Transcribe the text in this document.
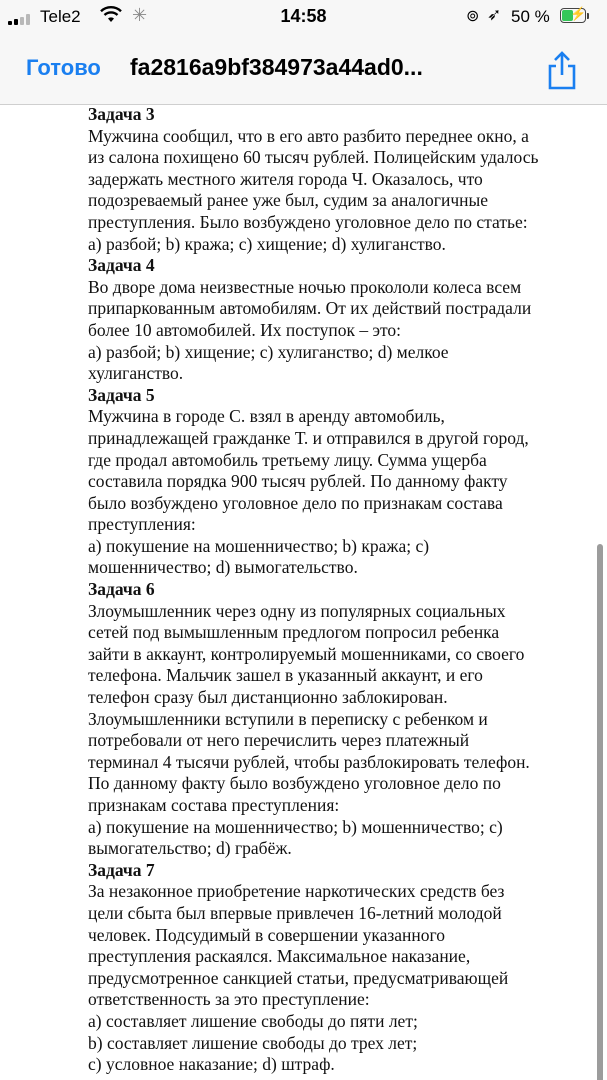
Tele2	✳	14:58	⊚ ➶ 50 % ⚡
Готово fa2816a9bf384973a44ad0...

Задача 3

Мужчина сообщил, что в его авто разбито переднее окно, а

из салона похищено 60 тысяч рублей. Полицейским удалось

задержать местного жителя города Ч. Оказалось, что

подозреваемый ранее уже был, судим за аналогичные

преступления. Было возбуждено уголовное дело по статье:

а) разбой; b) кража; c) хищение; d) хулиганство.

Задача 4

Во дворе дома неизвестные ночью прокололи колеса всем

припаркованным автомобилям. От их действий пострадали

более 10 автомобилей. Их поступок – это:

а) разбой; b) хищение; c) хулиганство; d) мелкое

хулиганство.

Задача 5

Мужчина в городе С. взял в аренду автомобиль,

принадлежащей гражданке Т. и отправился в другой город,

где продал автомобиль третьему лицу. Сумма ущерба

составила порядка 900 тысяч рублей. По данному факту

было возбуждено уголовное дело по признакам состава

преступления:

а) покушение на мошенничество; b) кража; c)

мошенничество; d) вымогательство.

Задача 6

Злоумышленник через одну из популярных социальных

сетей под вымышленным предлогом попросил ребенка

зайти в аккаунт, контролируемый мошенниками, со своего

телефона. Мальчик зашел в указанный аккаунт, и его

телефон сразу был дистанционно заблокирован.

Злоумышленники вступили в переписку с ребенком и

потребовали от него перечислить через платежный

терминал 4 тысячи рублей, чтобы разблокировать телефон.

По данному факту было возбуждено уголовное дело по

признакам состава преступления:

а) покушение на мошенничество; b) мошенничество; c)

вымогательство; d) грабёж.

Задача 7

За незаконное приобретение наркотических средств без

цели сбыта был впервые привлечен 16-летний молодой

человек. Подсудимый в совершении указанного

преступления раскаялся. Максимальное наказание,

предусмотренное санкцией статьи, предусматривающей

ответственность за это преступление:

а) составляет лишение свободы до пяти лет;

b) составляет лишение свободы до трех лет;

c) условное наказание; d) штраф.
